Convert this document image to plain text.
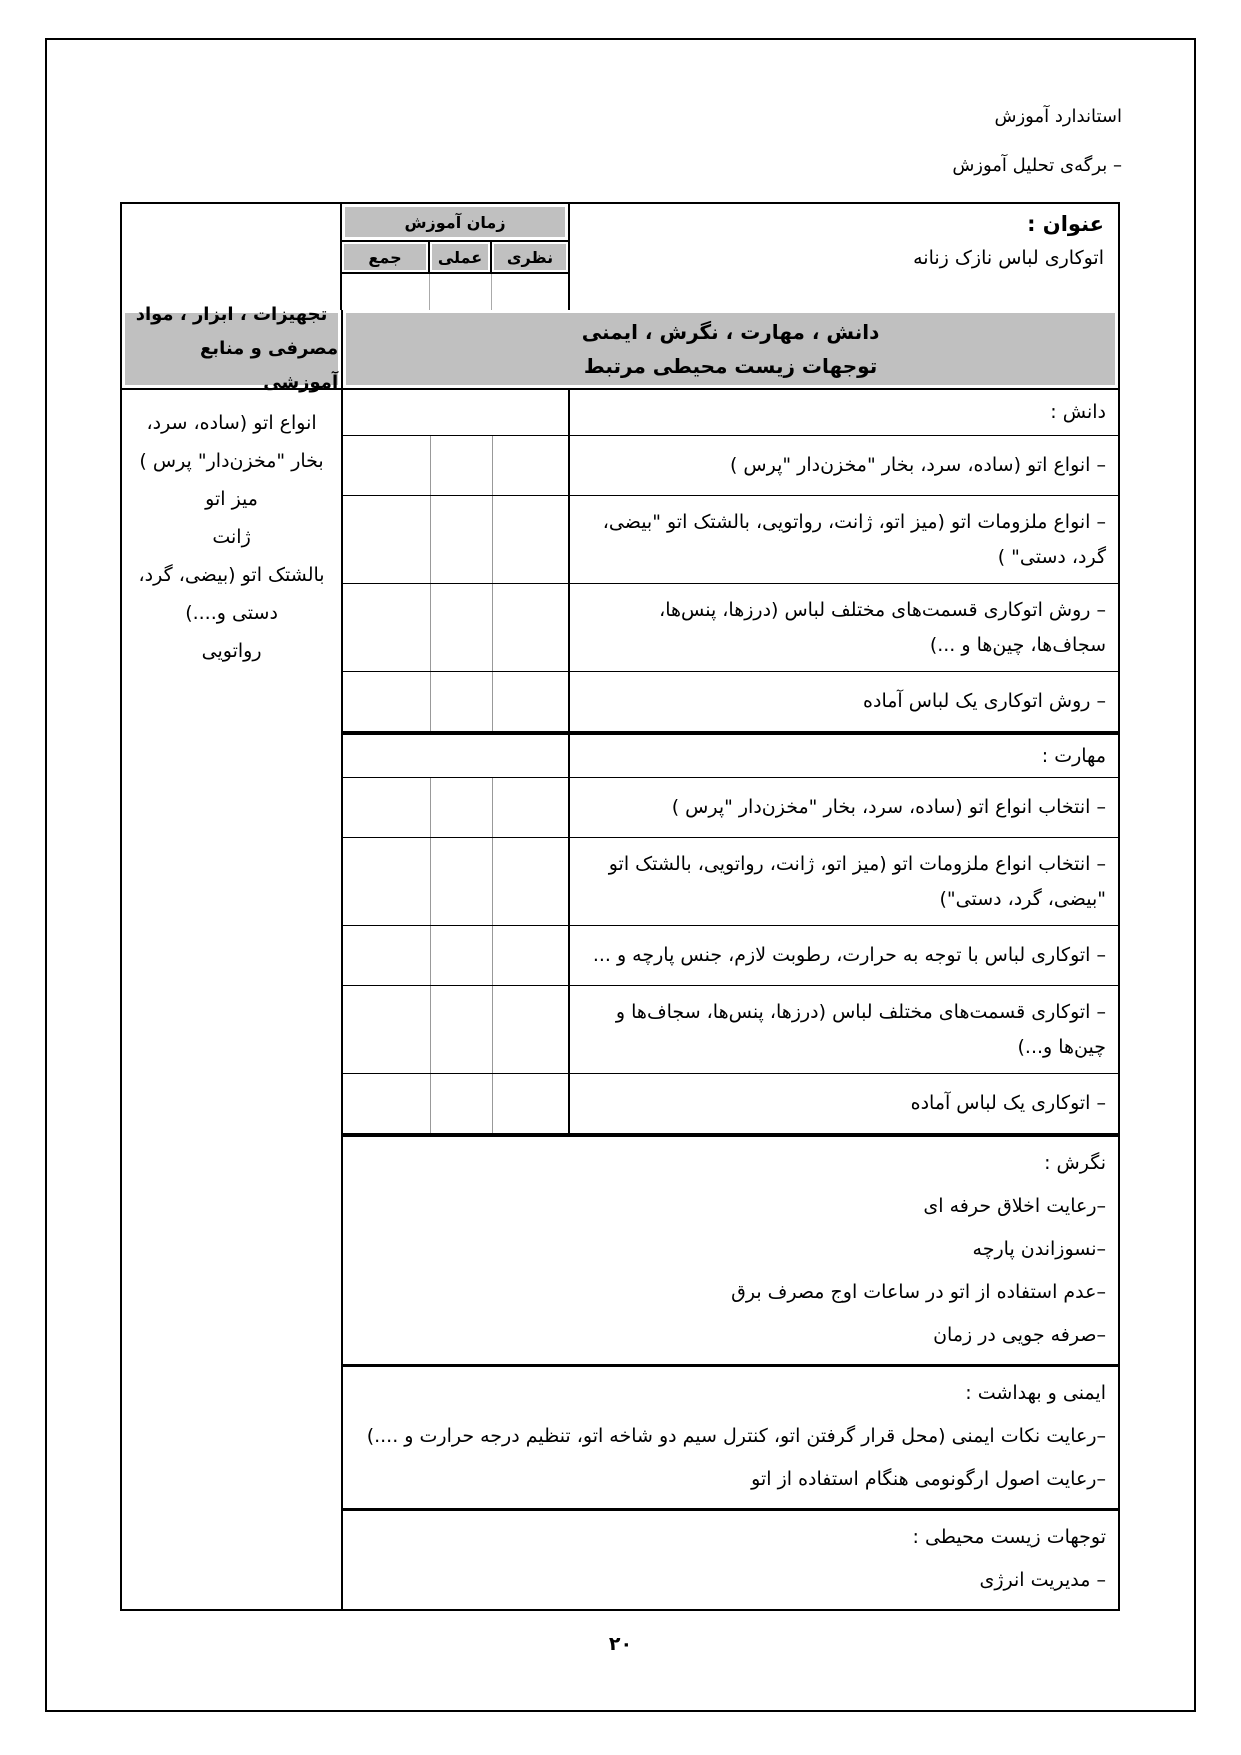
استاندارد آموزش
– برگه‌ی تحلیل آموزش
عنوان :
اتوکاری لباس نازک زنانه
زمان آموزش
نظری
عملی
جمع
دانش ، مهارت ، نگرش ، ایمنی
توجهات زیست محیطی مرتبط
تجهیزات ، ابزار ، مواد
مصرفی و منابع آموزشی
دانش :
– انواع اتو (ساده، سرد، بخار "مخزن‌دار "پرس )
– انواع ملزومات اتو (میز اتو، ژانت، رواتویی، بالشتک اتو "بیضی، گرد، دستی" )
– روش اتوکاری قسمت‌های مختلف لباس (درزها، پنس‌ها، سجاف‌ها، چین‌ها و ...)
– روش اتوکاری یک لباس آماده
مهارت :
– انتخاب انواع اتو (ساده، سرد، بخار "مخزن‌دار "پرس )
– انتخاب انواع ملزومات اتو (میز اتو، ژانت، رواتویی، بالشتک اتو "بیضی، گرد، دستی")
– اتوکاری لباس با توجه به حرارت، رطوبت لازم، جنس پارچه و ...
– اتوکاری قسمت‌های مختلف لباس (درزها، پنس‌ها، سجاف‌ها و چین‌ها و...)
– اتوکاری یک لباس آماده
نگرش :
–رعایت اخلاق حرفه ای
–نسوزاندن پارچه
–عدم استفاده از اتو در ساعات اوج مصرف برق
–صرفه جویی در زمان
ایمنی و بهداشت :
–رعایت نکات ایمنی (محل قرار گرفتن اتو، کنترل سیم دو شاخه اتو، تنظیم درجه حرارت و ....)
–رعایت اصول ارگونومی هنگام استفاده از اتو
توجهات زیست محیطی :
– مدیریت انرژی
انواع اتو (ساده، سرد،
بخار "مخزن‌دار" پرس )
میز اتو
ژانت
بالشتک اتو (بیضی، گرد،
دستی و....)
رواتویی
۲۰
